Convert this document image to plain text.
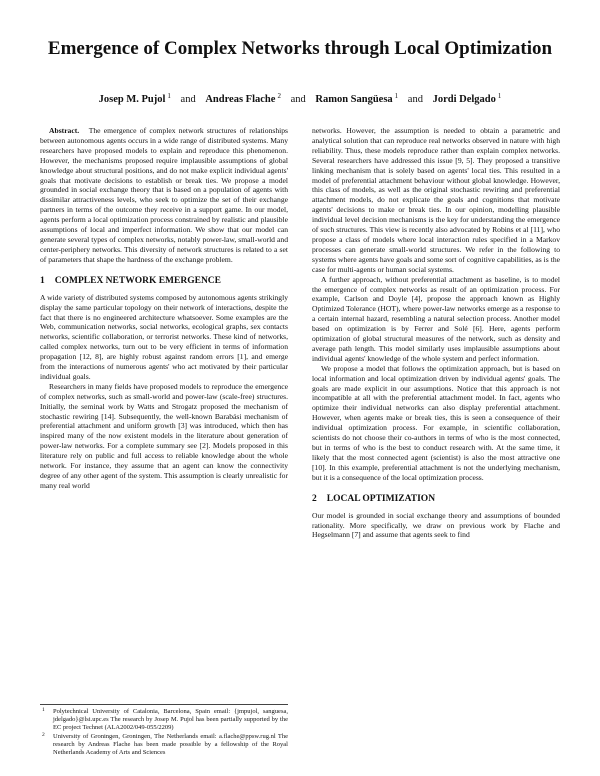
Emergence of Complex Networks through Local Optimization
Josep M. Pujol $^1$ and Andreas Flache $^2$ and Ramon Sangüesa $^1$ and Jordi Delgado $^1$

Abstract. The emergence of complex network structures of relationships between autonomous agents occurs in a wide range of distributed systems. Many researchers have proposed models to explain and reproduce this phenomenon. However, the mechanisms proposed require implausible assumptions of global knowledge about structural positions, and do not make explicit individual agents' goals that motivate decisions to establish or break ties. We propose a model grounded in social exchange theory that is based on a population of agents with dissimilar attractiveness levels, who seek to optimize the set of their exchange partners in terms of the outcome they receive in a support game. In our model, agents perform a local optimization process constrained by realistic and plausible assumptions of local and imperfect information. We show that our model can generate several types of complex networks, notably power-law, small-world and center-periphery networks. This diversity of network structures is related to a set of parameters that shape the hardness of the exchange problem.

1 COMPLEX NETWORK EMERGENCE

A wide variety of distributed systems composed by autonomous agents strikingly display the same particular topology on their network of interactions, despite the fact that there is no engineered architecture whatsoever. Some examples are the Web, communication networks, social networks, ecological graphs, sex contacts networks, scientific collaboration, or terrorist networks. These kind of networks, called complex networks, turn out to be very efficient in terms of information propagation [12, 8], are highly robust against random errors [1], and emerge from the interactions of numerous agents' who act motivated by their particular individual goals.

Researchers in many fields have proposed models to reproduce the emergence of complex networks, such as small-world and power-law (scale-free) structures. Initially, the seminal work by Watts and Strogatz proposed the mechanism of stochastic rewiring [14]. Subsequently, the well-known Barabási mechanism of preferential attachment and uniform growth [3] was introduced, which then has inspired many of the now existent models in the literature about generation of power-law networks. For a complete summary see [2]. Models proposed in this literature rely on public and full access to reliable knowledge about the whole network. For instance, they assume that an agent can know the connectivity degree of any other agent of the system. This assumption is clearly unrealistic for many real world

1 Polytechnical University of Catalonia, Barcelona, Spain email: {jmpujol, sanguesa, jdelgado}@lsi.upc.es The research by Josep M. Pujol has been partially supported by the EC project Technet (ALA2002/049-055/2209)
2 University of Groningen, Groningen, The Netherlands email: a.flache@ppsw.rug.nl The research by Andreas Flache has been made possible by a fellowship of the Royal Netherlands Academy of Arts and Sciences

networks. However, the assumption is needed to obtain a parametric and analytical solution that can reproduce real networks observed in nature with high reliability. Thus, these models reproduce rather than explain complex networks. Several researchers have addressed this issue [9, 5]. They proposed a transitive linking mechanism that is solely based on agents' local ties. This resulted in a model of preferential attachment behaviour without global knowledge. However, this class of models, as well as the original stochastic rewiring and preferential attachment models, do not explicate the goals and cognitions that motivate agents' decisions to make or break ties. In our opinion, modelling plausible individual level decision mechanisms is the key for understanding the emergence of such structures. This view is recently also advocated by Robins et al [11], who propose a class of models where local interaction rules specified in a Markov processes can generate small-world structures. We refer in the following to systems where agents have goals and some sort of cognitive capabilities, as is the case for multi-agents or human social systems.

A further approach, without preferential attachment as baseline, is to model the emergence of complex networks as result of an optimization process. For example, Carlson and Doyle [4], propose the approach known as Highly Optimized Tolerance (HOT), where power-law networks emerge as a response to a certain internal hazard, resembling a natural selection process. Another model based on optimization is by Ferrer and Solé [6]. Here, agents perform optimization of global structural measures of the network, such as density and average path length. This model similarly uses implausible assumptions about individual agents' knowledge of the whole system and perfect information.

We propose a model that follows the optimization approach, but is based on local information and local optimization driven by individual agents' goals. The goals are made explicit in our assumptions. Notice that this approach is not incompatible at all with the preferential attachment model. In fact, agents who optimize their individual networks can also display preferential attachment. However, when agents make or break ties, this is seen a consequence of their individual optimization process. For example, in scientific collaboration, scientists do not choose their co-authors in terms of who is the most connected, but in terms of who is the best to conduct research with. At the same time, it likely that the most connected agent (scientist) is also the most attractive one [10]. In this example, preferential attachment is not the underlying mechanism, but it is a consequence of the local optimization process.

2 LOCAL OPTIMIZATION

Our model is grounded in social exchange theory and assumptions of bounded rationality. More specifically, we draw on previous work by Flache and Hegselmann [7] and assume that agents seek to find
